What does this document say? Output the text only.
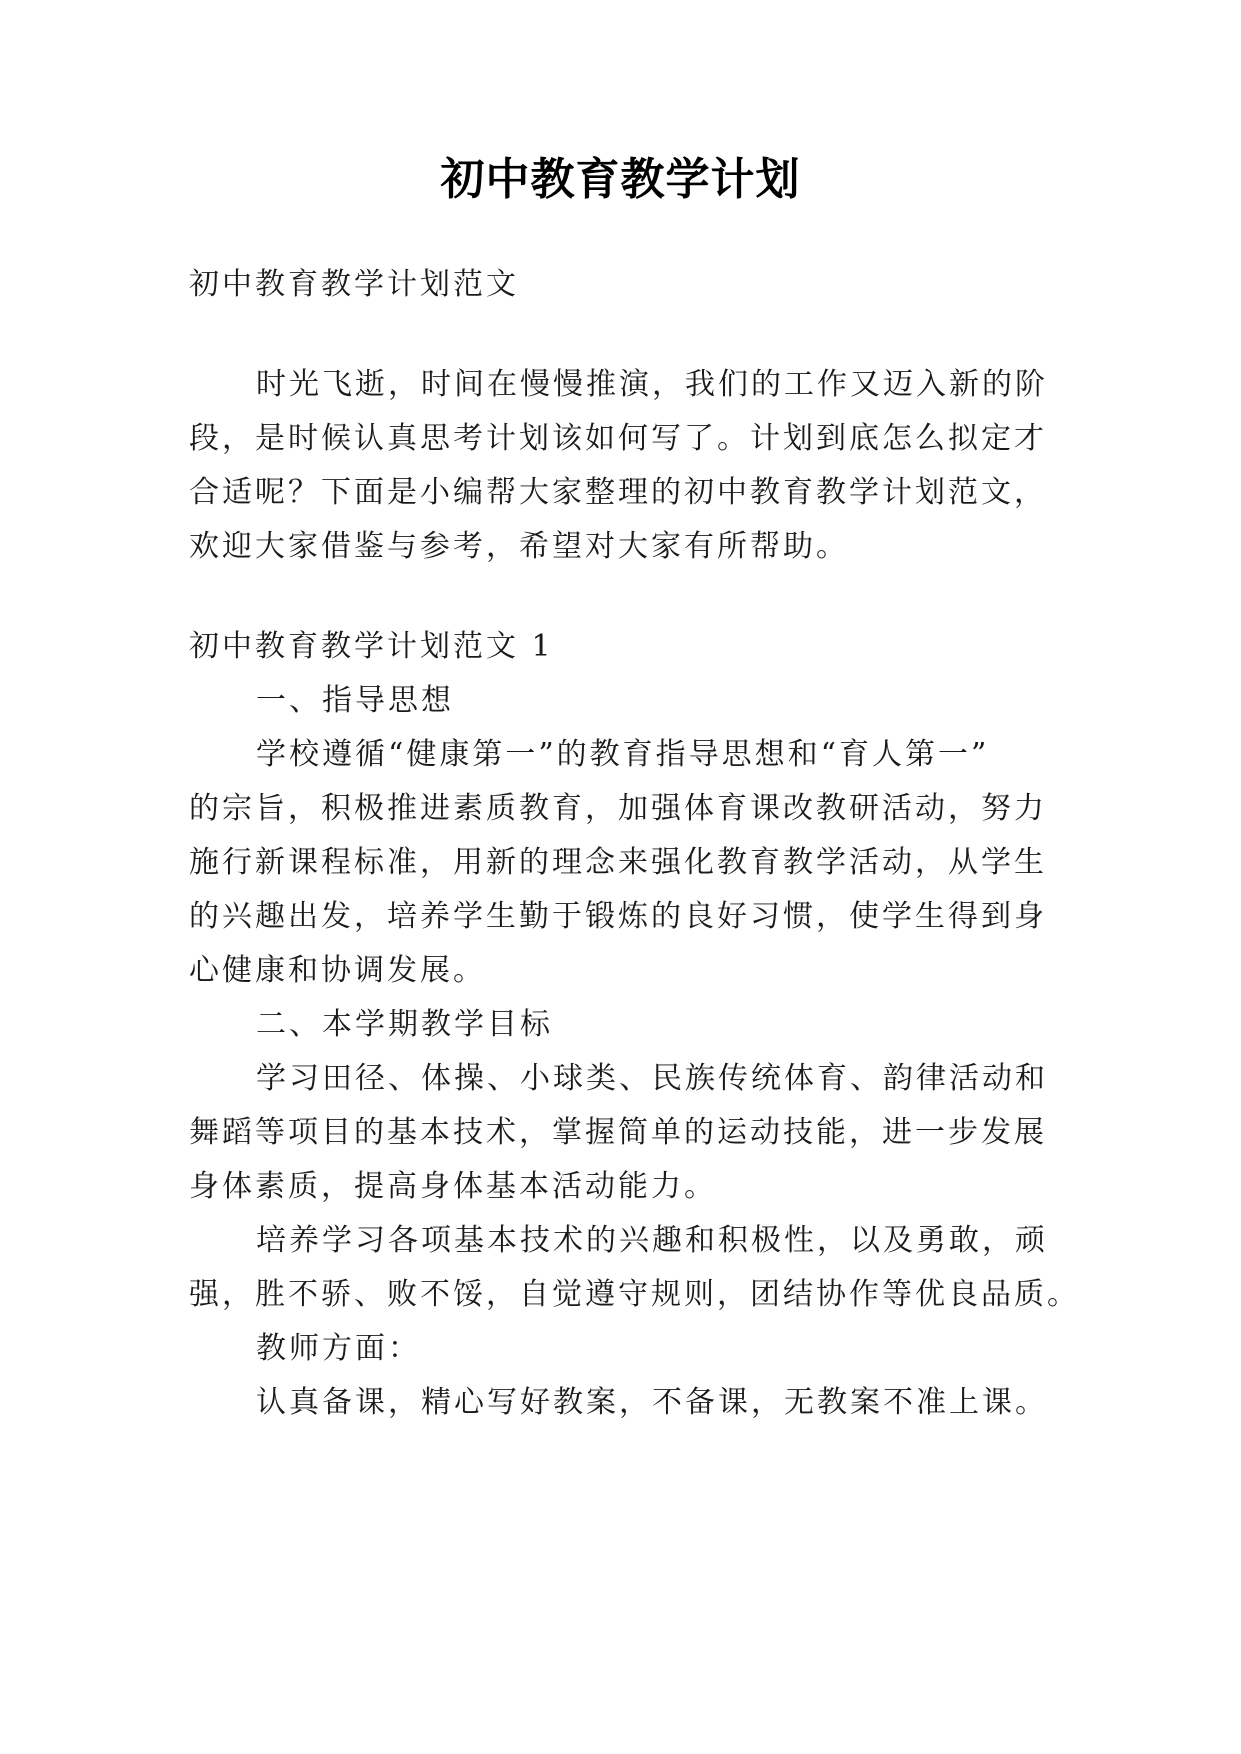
初中教育教学计划
初中教育教学计划范文
时光飞逝，时间在慢慢推演，我们的工作又迈入新的阶
段，是时候认真思考计划该如何写了。计划到底怎么拟定才
合适呢？下面是小编帮大家整理的初中教育教学计划范文，
欢迎大家借鉴与参考，希望对大家有所帮助。
初中教育教学计划范文 1
一、指导思想
学校遵循“健康第一”的教育指导思想和“育人第一”
的宗旨，积极推进素质教育，加强体育课改教研活动，努力
施行新课程标准，用新的理念来强化教育教学活动，从学生
的兴趣出发，培养学生勤于锻炼的良好习惯，使学生得到身
心健康和协调发展。
二、本学期教学目标
学习田径、体操、小球类、民族传统体育、韵律活动和
舞蹈等项目的基本技术，掌握简单的运动技能，进一步发展
身体素质，提高身体基本活动能力。
培养学习各项基本技术的兴趣和积极性，以及勇敢，顽
强，胜不骄、败不馁，自觉遵守规则，团结协作等优良品质。
教师方面：
认真备课，精心写好教案，不备课，无教案不准上课。
